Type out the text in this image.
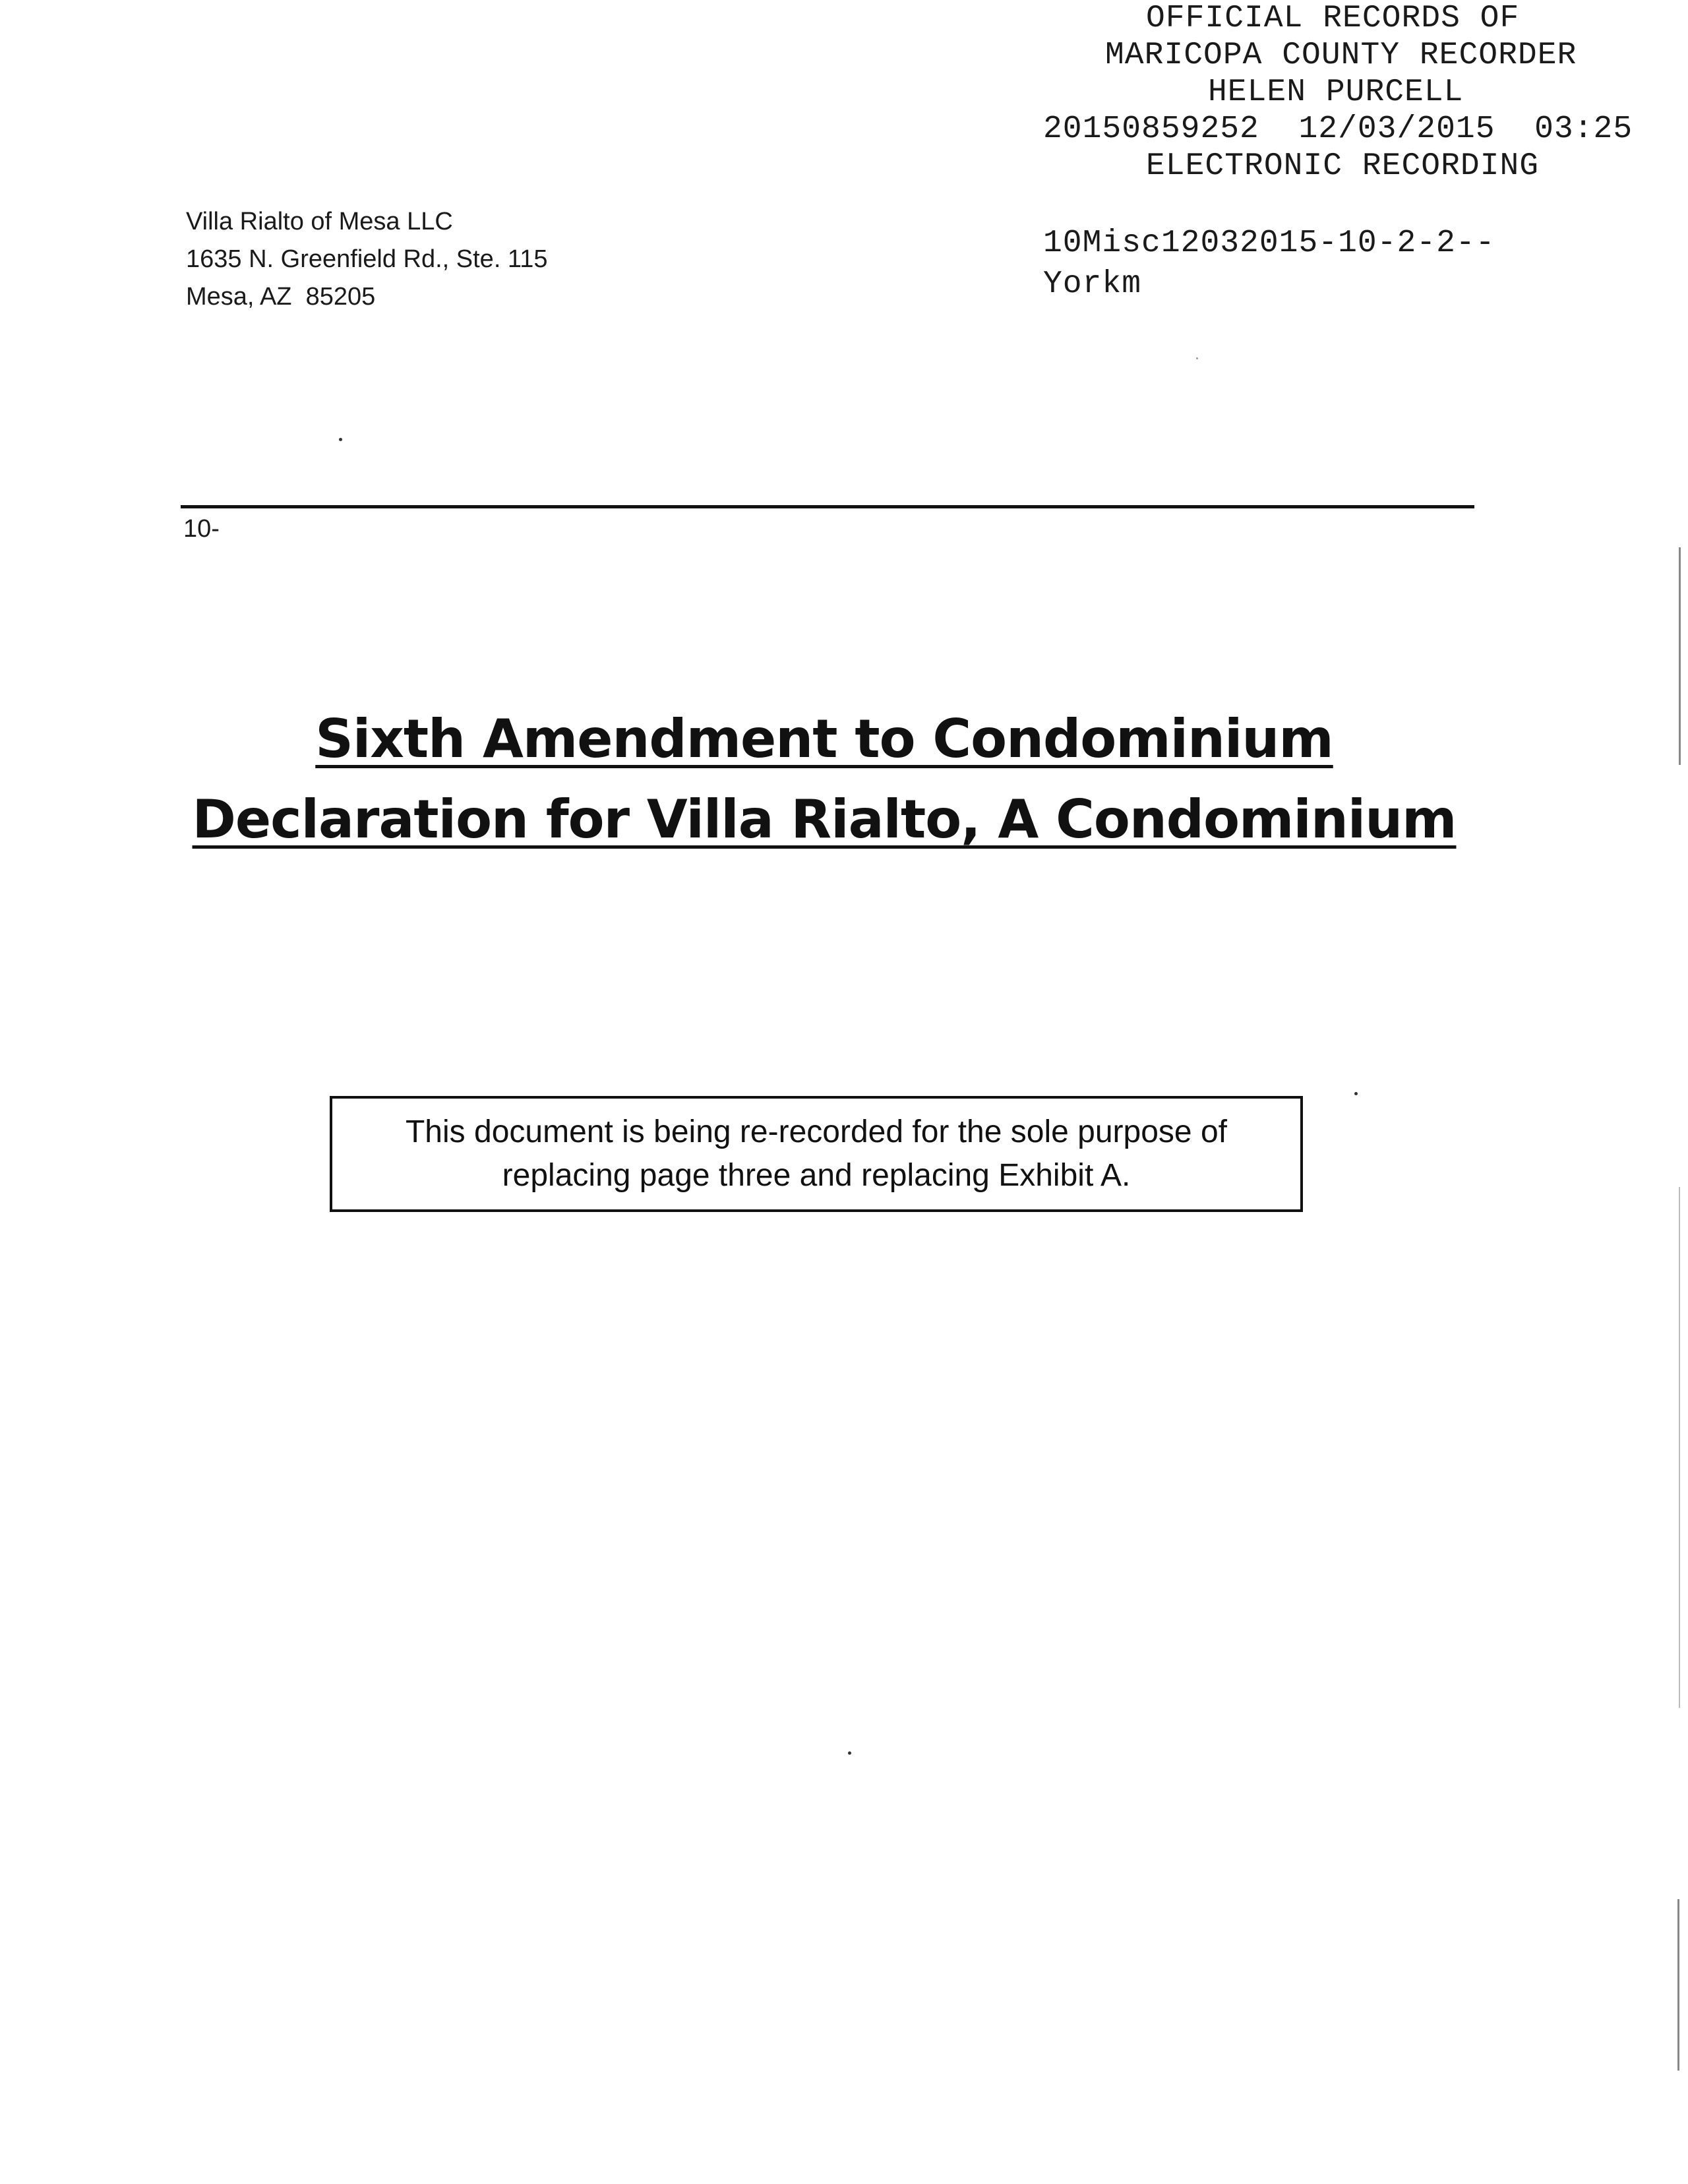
OFFICIAL RECORDS OF
MARICOPA COUNTY RECORDER
HELEN PURCELL
20150859252  12/03/2015  03:25
ELECTRONIC RECORDING
10Misc12032015-10-2-2--
Yorkm
Villa Rialto of Mesa LLC
1635 N. Greenfield Rd., Ste. 115
Mesa, AZ  85205
10-
Sixth Amendment to Condominium
Declaration for Villa Rialto, A Condominium
This document is being re-recorded for the sole purpose of
replacing page three and replacing Exhibit A.
